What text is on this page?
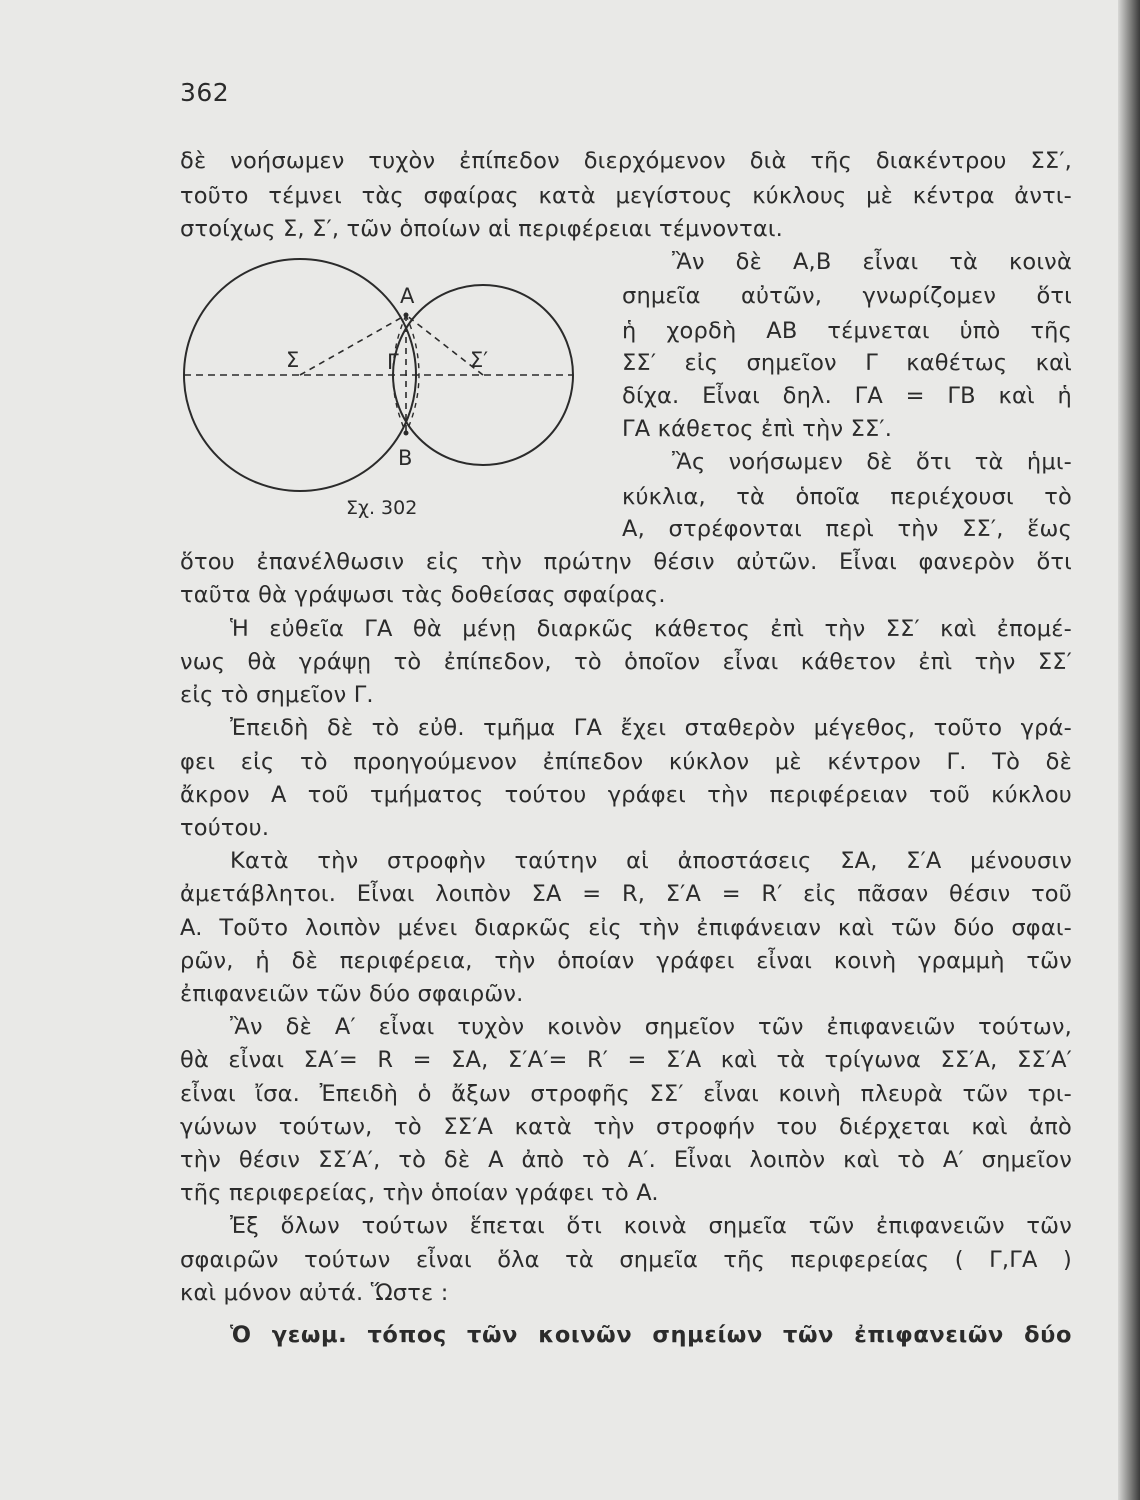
362
δὲ νοήσωμεν τυχὸν ἐπίπεδον διερχόμενον διὰ τῆς διακέντρου ΣΣ′,
τοῦτο τέμνει τὰς σφαίρας κατὰ μεγίστους κύκλους μὲ κέντρα ἀντι-
στοίχως Σ, Σ′, τῶν ὁποίων αἱ περιφέρειαι τέμνονται.
Ἂν δὲ A,B εἶναι τὰ κοινὰ
σημεῖα αὐτῶν, γνωρίζομεν ὅτι
ἡ χορδὴ AB τέμνεται ὑπὸ τῆς
ΣΣ′ εἰς σημεῖον Γ καθέτως καὶ
δίχα. Εἶναι δηλ. ΓA = ΓB καὶ ἡ
ΓA κάθετος ἐπὶ τὴν ΣΣ′.
Ἂς νοήσωμεν δὲ ὅτι τὰ ἡμι-
κύκλια, τὰ ὁποῖα περιέχουσι τὸ
A, στρέφονται περὶ τὴν ΣΣ′, ἕως
ὅτου ἐπανέλθωσιν εἰς τὴν πρώτην θέσιν αὐτῶν. Εἶναι φανερὸν ὅτι
ταῦτα θὰ γράψωσι τὰς δοθείσας σφαίρας.
Ἡ εὐθεῖα ΓA θὰ μένῃ διαρκῶς κάθετος ἐπὶ τὴν ΣΣ′ καὶ ἐπομέ-
νως θὰ γράψῃ τὸ ἐπίπεδον, τὸ ὁποῖον εἶναι κάθετον ἐπὶ τὴν ΣΣ′
εἰς τὸ σημεῖον Γ.
Ἐπειδὴ δὲ τὸ εὐθ. τμῆμα ΓA ἔχει σταθερὸν μέγεθος, τοῦτο γρά-
φει εἰς τὸ προηγούμενον ἐπίπεδον κύκλον μὲ κέντρον Γ. Τὸ δὲ
ἄκρον A τοῦ τμήματος τούτου γράφει τὴν περιφέρειαν τοῦ κύκλου
τούτου.
Κατὰ τὴν στροφὴν ταύτην αἱ ἀποστάσεις ΣA, Σ′A μένουσιν
ἀμετάβλητοι. Εἶναι λοιπὸν ΣA = R, Σ′A = R′ εἰς πᾶσαν θέσιν τοῦ
A. Τοῦτο λοιπὸν μένει διαρκῶς εἰς τὴν ἐπιφάνειαν καὶ τῶν δύο σφαι-
ρῶν, ἡ δὲ περιφέρεια, τὴν ὁποίαν γράφει εἶναι κοινὴ γραμμὴ τῶν
ἐπιφανειῶν τῶν δύο σφαιρῶν.
Ἂν δὲ A′ εἶναι τυχὸν κοινὸν σημεῖον τῶν ἐπιφανειῶν τούτων,
θὰ εἶναι ΣA′= R = ΣA, Σ′A′= R′ = Σ′A καὶ τὰ τρίγωνα ΣΣ′A, ΣΣ′A′
εἶναι ἴσα. Ἐπειδὴ ὁ ἄξων στροφῆς ΣΣ′ εἶναι κοινὴ πλευρὰ τῶν τρι-
γώνων τούτων, τὸ ΣΣ′A κατὰ τὴν στροφήν του διέρχεται καὶ ἀπὸ
τὴν θέσιν ΣΣ′A′, τὸ δὲ A ἀπὸ τὸ A′. Εἶναι λοιπὸν καὶ τὸ A′ σημεῖον
τῆς περιφερείας, τὴν ὁποίαν γράφει τὸ A.
Ἐξ ὅλων τούτων ἕπεται ὅτι κοινὰ σημεῖα τῶν ἐπιφανειῶν τῶν
σφαιρῶν τούτων εἶναι ὅλα τὰ σημεῖα τῆς περιφερείας ( Γ,ΓA )
καὶ μόνον αὐτά. Ὥστε :
Ὁ γεωμ. τόπος τῶν κοινῶν σημείων τῶν ἐπιφανειῶν δύο
A
B
Γ
Σ	Σ′
Σχ. 302
